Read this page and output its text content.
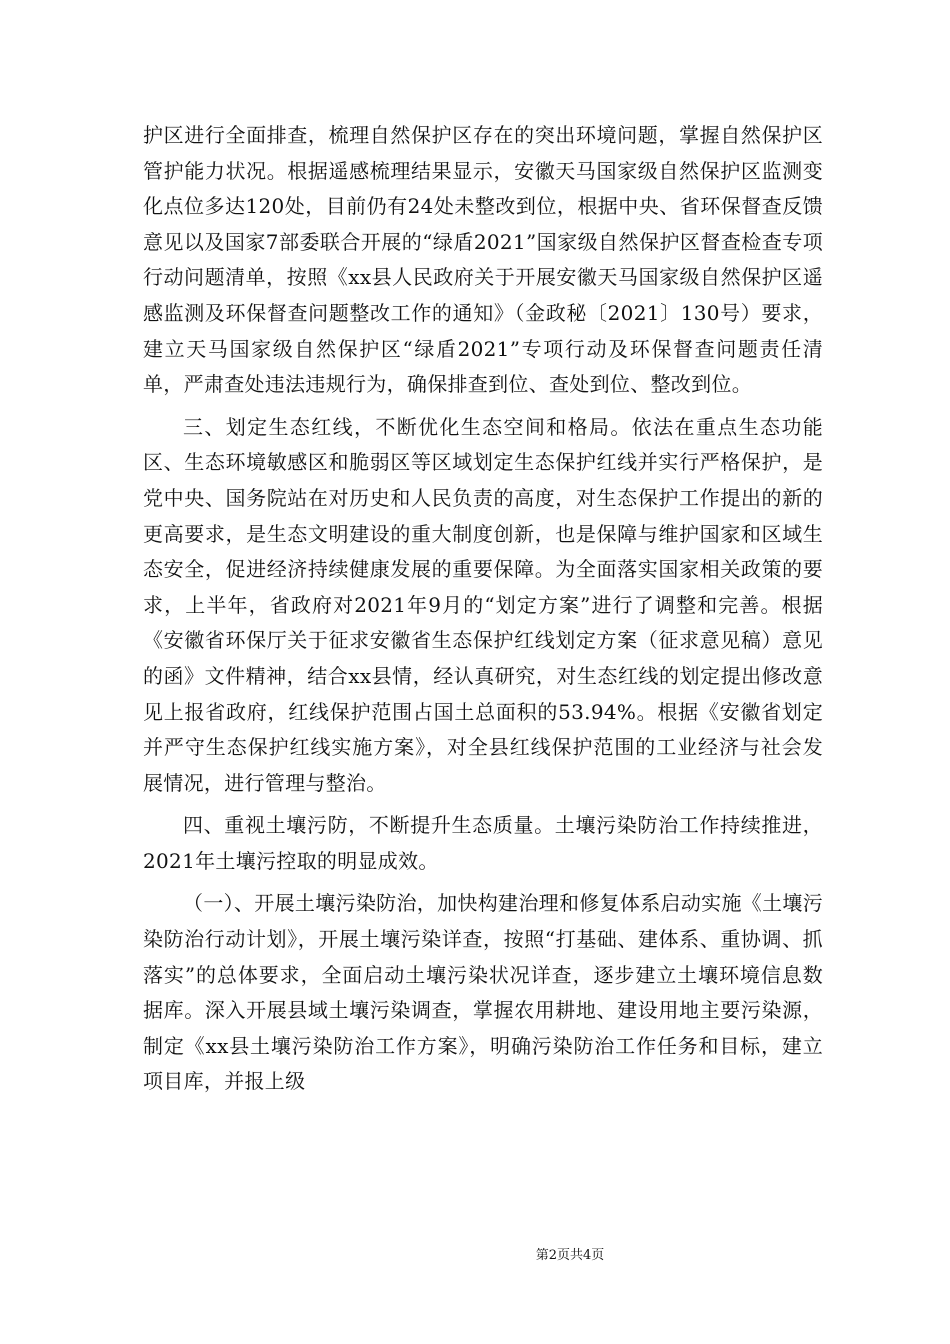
护区进行全面排查，梳理自然保护区存在的突出环境问题，掌握自然保护区管护能力状况。根据遥感梳理结果显示，安徽天马国家级自然保护区监测变化点位多达120处，目前仍有24处未整改到位，根据中央、省环保督查反馈意见以及国家7部委联合开展的“绿盾2021”国家级自然保护区督查检查专项行动问题清单，按照《xx县人民政府关于开展安徽天马国家级自然保护区遥感监测及环保督查问题整改工作的通知》（金政秘〔2021〕130号）要求，建立天马国家级自然保护区“绿盾2021”专项行动及环保督查问题责任清单，严肃查处违法违规行为，确保排查到位、查处到位、整改到位。

三、划定生态红线，不断优化生态空间和格局。依法在重点生态功能区、生态环境敏感区和脆弱区等区域划定生态保护红线并实行严格保护，是党中央、国务院站在对历史和人民负责的高度，对生态保护工作提出的新的更高要求，是生态文明建设的重大制度创新，也是保障与维护国家和区域生态安全，促进经济持续健康发展的重要保障。为全面落实国家相关政策的要求，上半年，省政府对2021年9月的“划定方案”进行了调整和完善。根据《安徽省环保厅关于征求安徽省生态保护红线划定方案（征求意见稿）意见的函》文件精神，结合xx县情，经认真研究，对生态红线的划定提出修改意见上报省政府，红线保护范围占国土总面积的53.94%。根据《安徽省划定并严守生态保护红线实施方案》，对全县红线保护范围的工业经济与社会发展情况，进行管理与整治。

四、重视土壤污防，不断提升生态质量。土壤污染防治工作持续推进，2021年土壤污控取的明显成效。

（一）、开展土壤污染防治，加快构建治理和修复体系启动实施《土壤污染防治行动计划》，开展土壤污染详查，按照“打基础、建体系、重协调、抓落实”的总体要求，全面启动土壤污染状况详查，逐步建立土壤环境信息数据库。深入开展县域土壤污染调查，掌握农用耕地、建设用地主要污染源，制定《xx县土壤污染防治工作方案》，明确污染防治工作任务和目标，建立项目库，并报上级

第2页共4页
